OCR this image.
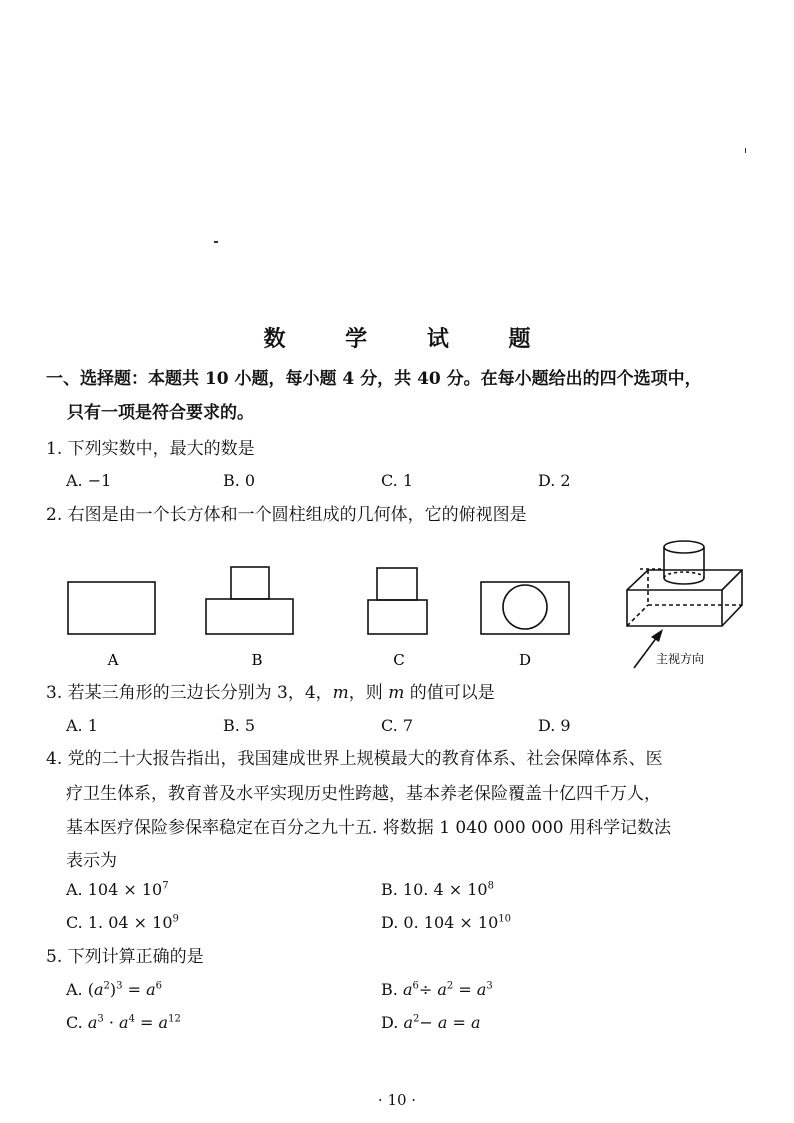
数 学 试 题
一、选择题：本题共 10 小题，每小题 4 分，共 40 分。在每小题给出的四个选项中，
只有一项是符合要求的。
1. 下列实数中，最大的数是
A. −1	B. 0	C. 1	D. 2
2. 右图是由一个长方体和一个圆柱组成的几何体，它的俯视图是
A	B	C	D	主视方向
3. 若某三角形的三边长分别为 3，4，m，则 m 的值可以是
A. 1	B. 5	C. 7	D. 9
4. 党的二十大报告指出，我国建成世界上规模最大的教育体系、社会保障体系、医
疗卫生体系，教育普及水平实现历史性跨越，基本养老保险覆盖十亿四千万人，
基本医疗保险参保率稳定在百分之九十五. 将数据 1 040 000 000 用科学记数法
表示为
A. $104 \times 10^7$	B. 10. $4 \times 10^8$
C. 1. $04 \times 10^9$	D. 0. $104 \times 10^{10}$
5. 下列计算正确的是
A. $(a^2)^3 = a^6$	B. $a^6\div a^2 = a^3$
C. $a^3 \cdot a^4 = a^{12}$	D. $a^2- a = a$
· 10 ·
